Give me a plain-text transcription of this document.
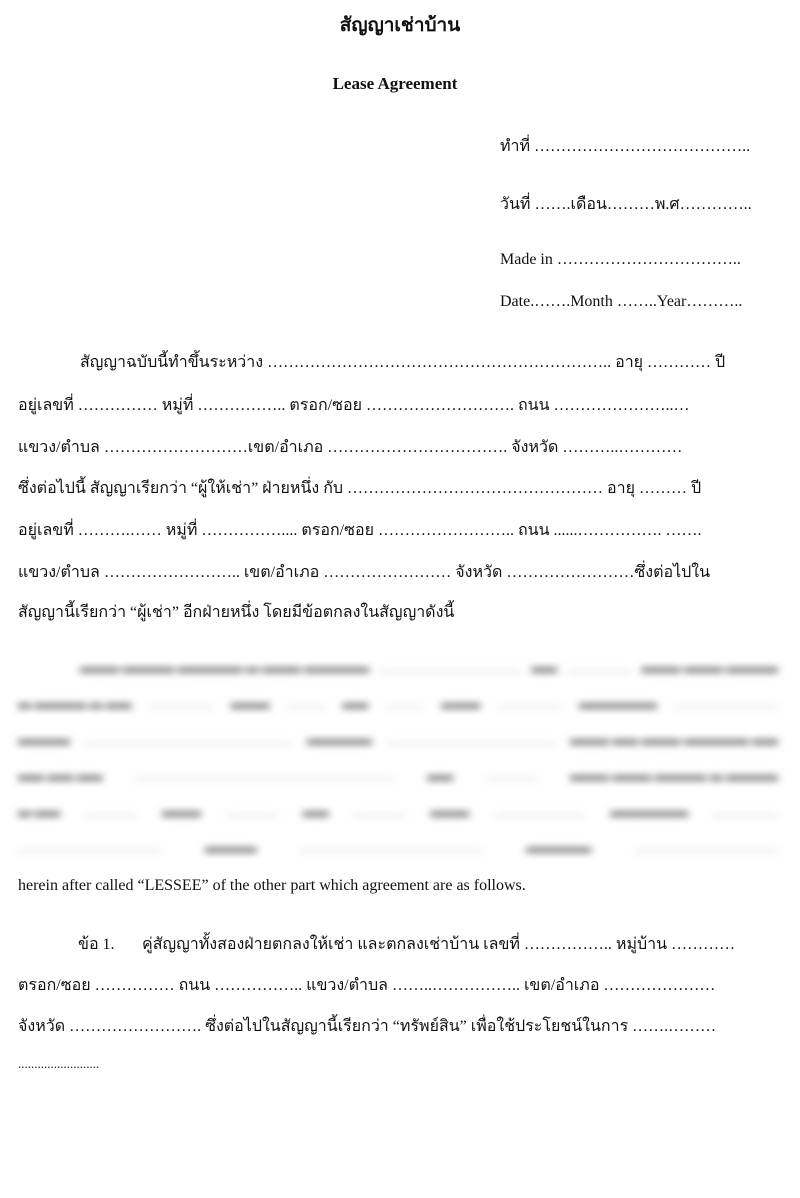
สัญญาเช่าบ้าน
Lease Agreement
ทำที่ …………………………………..
วันที่ …….เดือน………พ.ศ…………..
Made in ……………………………..
Date.…….Month ……..Year………..
สัญญาฉบับนี้ทำขึ้นระหว่าง ……………………………………………………….. อายุ ………… ปี
อยู่เลขที่ …………… หมู่ที่ …………….. ตรอก/ซอย ………………………. ถนน …………………..…
แขวง/ตำบล ………………………เขต/อำเภอ ……………………………. จังหวัด ………..…………
ซึ่งต่อไปนี้ สัญญาเรียกว่า “ผู้ให้เช่า” ฝ่ายหนึ่ง กับ ………………………………………… อายุ ……… ปี
อยู่เลขที่ ……….…… หมู่ที่ …………….... ตรอก/ซอย …………………….. ถนน ......……………. …….
แขวง/ตำบล …………………….. เขต/อำเภอ …………………… จังหวัด ……………………ซึ่งต่อไปใน
สัญญานี้เรียกว่า “ผู้เช่า” อีกฝ่ายหนึ่ง โดยมีข้อตกลงในสัญญาดังนี้
▬▬▬ ▬▬▬▬ ▬▬▬▬▬ ▬ ▬▬▬ ▬▬▬▬▬ …………………………… ▬▬ …………… ▬▬▬ ▬▬▬ ▬▬▬▬
▬ ▬▬▬▬ ▬ ▬▬ …………… ▬▬▬ ……… ▬▬ ……… ▬▬▬ …………… ▬▬▬▬▬▬ ……………………
▬▬▬▬ ………………………………………… ▬▬▬▬▬ ………………………………… ▬▬▬ ▬▬ ▬▬▬ ▬▬▬▬▬ ▬▬
▬▬ ▬▬ ▬▬ …………………………………………………… ▬▬ ………… ▬▬▬ ▬▬▬ ▬▬▬▬ ▬ ▬▬▬▬
▬ ▬▬ ………… ▬▬▬ ………… ▬▬ ………… ▬▬▬ ………………… ▬▬▬▬▬▬ ……………
……………………………	▬▬▬▬	……………………………………	▬▬▬▬▬	……………………………
herein after called “LESSEE” of the other part which agreement are as follows.
ข้อ 1. คู่สัญญาทั้งสองฝ่ายตกลงให้เช่า และตกลงเช่าบ้าน เลขที่ …………….. หมู่บ้าน …………
ตรอก/ซอย …………… ถนน …………….. แขวง/ตำบล ……..…………….. เขต/อำเภอ …………………
จังหวัด ……………………. ซึ่งต่อไปในสัญญานี้เรียกว่า “ทรัพย์สิน” เพื่อใช้ประโยชน์ในการ …….………
.........................
